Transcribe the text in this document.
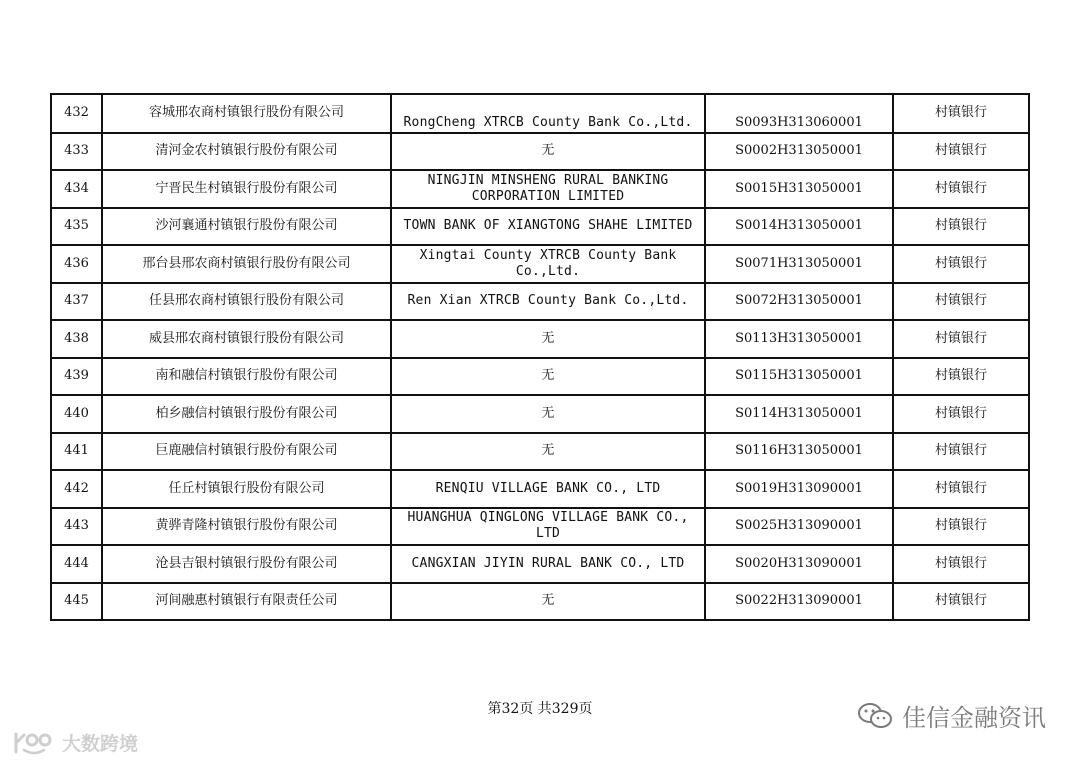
432	容城邢农商村镇银行股份有限公司	RongCheng XTRCB County Bank Co.,Ltd.	S0093H313060001	村镇银行
433	清河金农村镇银行股份有限公司	无	S0002H313050001	村镇银行
434	宁晋民生村镇银行股份有限公司	NINGJIN MINSHENG RURAL BANKING CORPORATION LIMITED	S0015H313050001	村镇银行
435	沙河襄通村镇银行股份有限公司	TOWN BANK OF XIANGTONG SHAHE LIMITED	S0014H313050001	村镇银行
436	邢台县邢农商村镇银行股份有限公司	Xingtai County XTRCB County Bank Co.,Ltd.	S0071H313050001	村镇银行
437	任县邢农商村镇银行股份有限公司	Ren Xian XTRCB County Bank Co.,Ltd.	S0072H313050001	村镇银行
438	威县邢农商村镇银行股份有限公司	无	S0113H313050001	村镇银行
439	南和融信村镇银行股份有限公司	无	S0115H313050001	村镇银行
440	柏乡融信村镇银行股份有限公司	无	S0114H313050001	村镇银行
441	巨鹿融信村镇银行股份有限公司	无	S0116H313050001	村镇银行
442	任丘村镇银行股份有限公司	RENQIU VILLAGE BANK CO., LTD	S0019H313090001	村镇银行
443	黄骅青隆村镇银行股份有限公司	HUANGHUA QINGLONG VILLAGE BANK CO., LTD	S0025H313090001	村镇银行
444	沧县吉银村镇银行股份有限公司	CANGXIAN JIYIN RURAL BANK CO., LTD	S0020H313090001	村镇银行
445	河间融惠村镇银行有限责任公司	无	S0022H313090001	村镇银行
第32页 共329页
大数跨境
佳信金融资讯
